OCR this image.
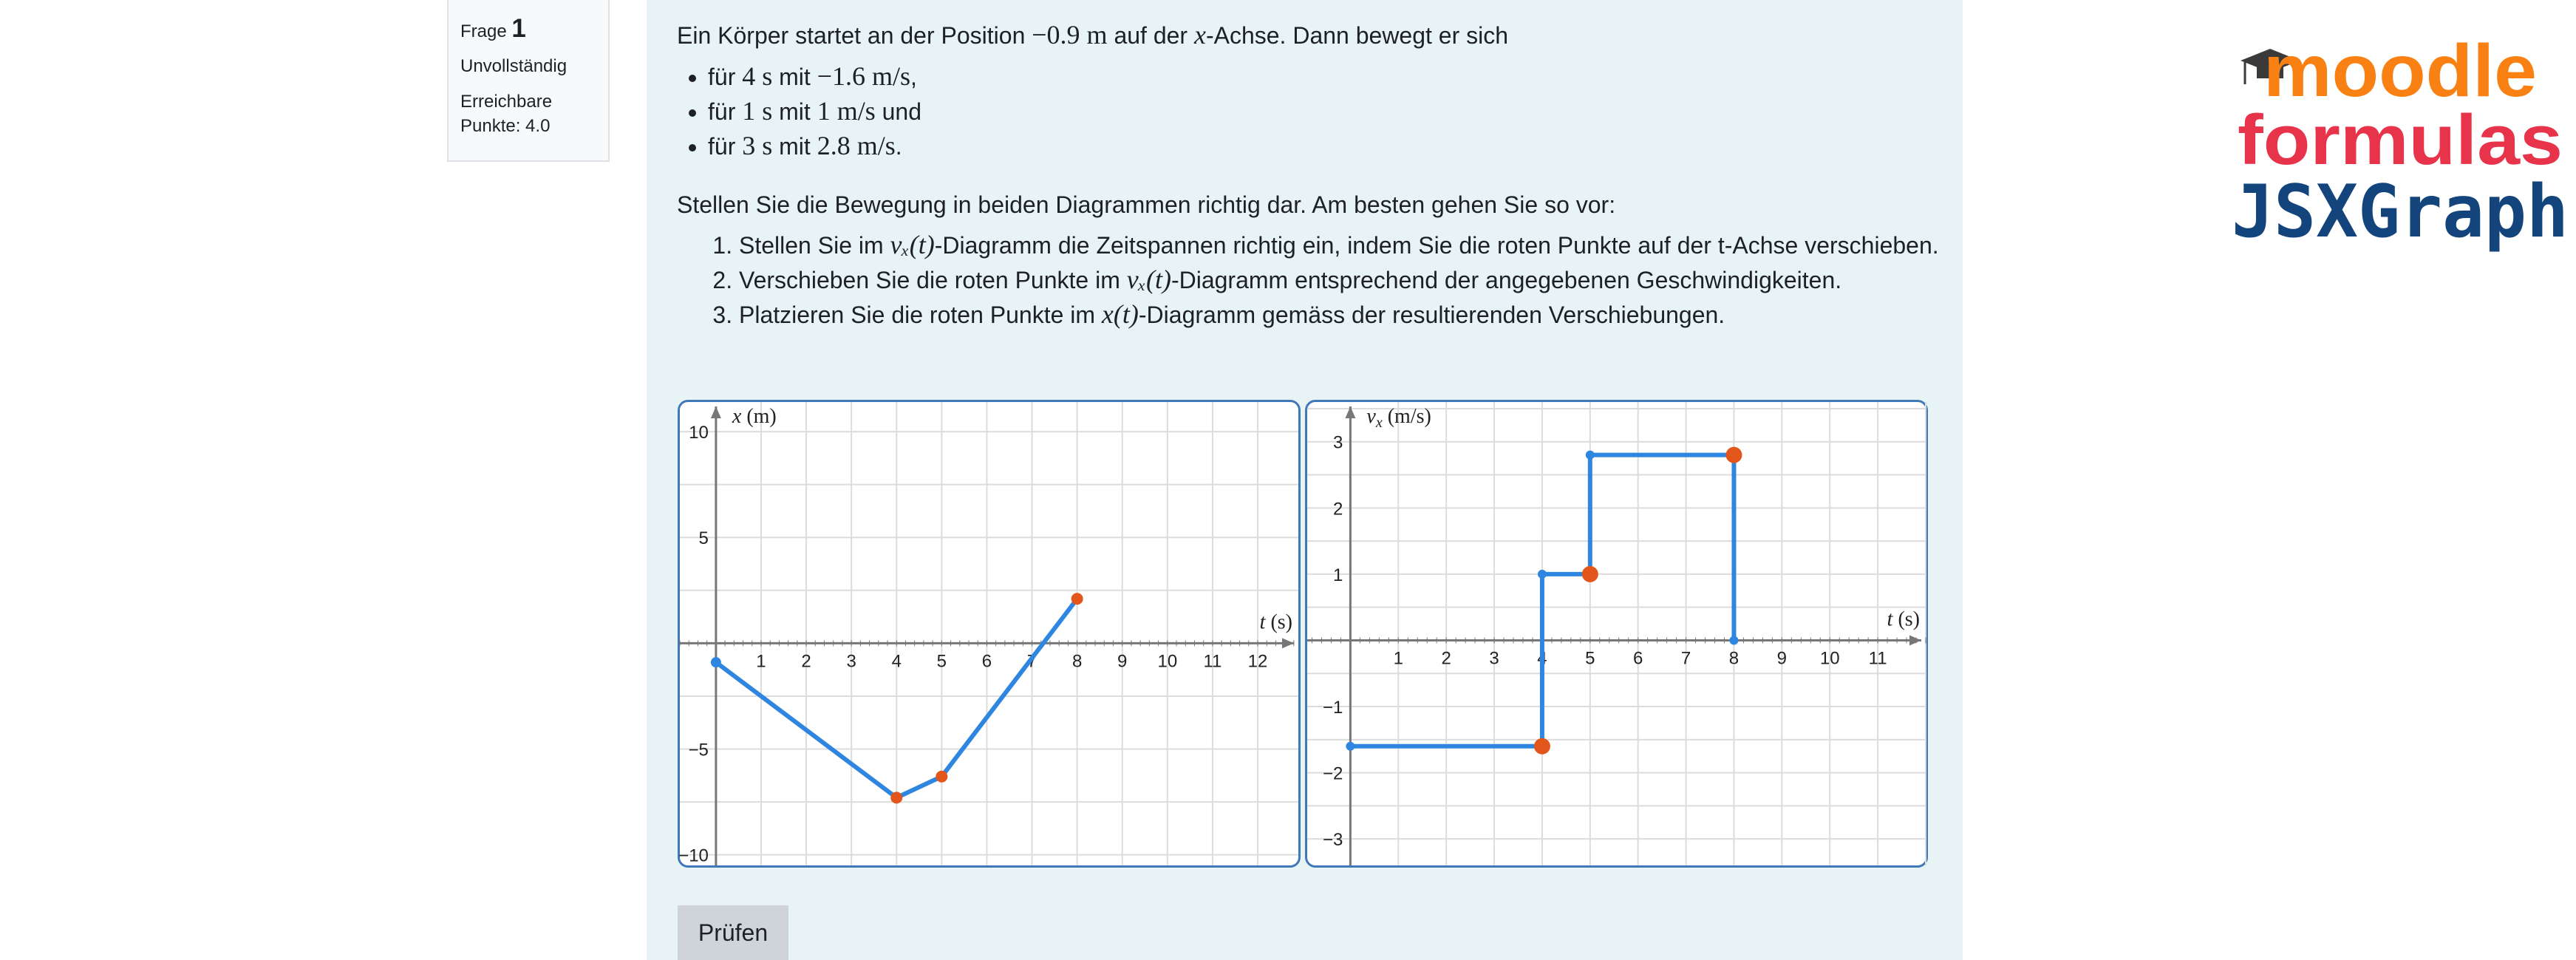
Frage 1
Unvollständig
Erreichbare Punkte: 4.0

Ein Körper startet an der Position −0.9 m auf der x-Achse. Dann bewegt er sich

• für 4 s mit −1.6 m/s,
• für 1 s mit 1 m/s und
• für 3 s mit 2.8 m/s.

Stellen Sie die Bewegung in beiden Diagrammen richtig dar. Am besten gehen Sie so vor:

1. Stellen Sie im vₓ(t)-Diagramm die Zeitspannen richtig ein, indem Sie die roten Punkte auf der t-Achse verschieben.
2. Verschieben Sie die roten Punkte im vₓ(t)-Diagramm entsprechend der angegebenen Geschwindigkeiten.
3. Platzieren Sie die roten Punkte im x(t)-Diagramm gemäss der resultierenden Verschiebungen.
moodle
formulas
JSXGraph
1 2 3 4 5 6 7 8 9 10 11 12
−10
−5
5
10
t (s)
x (m)
1 2 3 4 5 6 7 8 9 10 11
−3
−2
−1
1
2
3
t (s)
$v_x$ (m/s)
Prüfen
